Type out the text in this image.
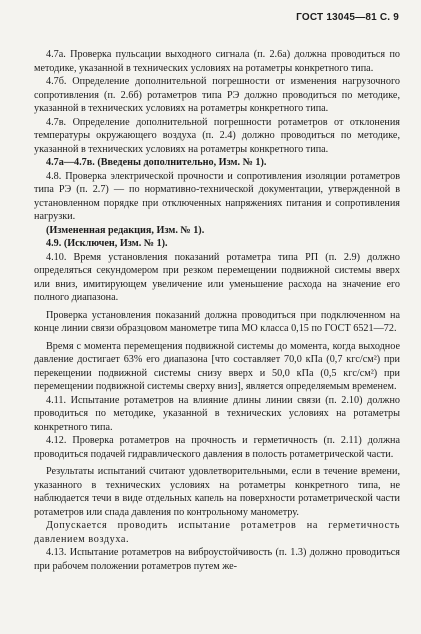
ГОСТ 13045—81 С. 9

4.7а. Проверка пульсации выходного сигнала (п. 2.6а) должна проводиться по методике, указанной в технических условиях на ротаметры конкретного типа.

4.7б. Определение дополнительной погрешности от изменения нагрузочного сопротивления (п. 2.6б) ротаметров типа РЭ должно проводиться по методике, указанной в технических условиях на ротаметры конкретного типа.

4.7в. Определение дополнительной погрешности ротаметров от отклонения температуры окружающего воздуха (п. 2.4) должно проводиться по методике, указанной в технических условиях на ротаметры конкретного типа.

4.7а—4.7в. (Введены дополнительно, Изм. № 1).

4.8. Проверка электрической прочности и сопротивления изоляции ротаметров типа РЭ (п. 2.7) — по нормативно-технической документации, утвержденной в установленном порядке при отключенных напряжениях питания и сопротивления нагрузки.

(Измененная редакция, Изм. № 1).

4.9. (Исключен, Изм. № 1).

4.10. Время установления показаний ротаметра типа РП (п. 2.9) должно определяться секундомером при резком перемещении подвижной системы вверх или вниз, имитирующем увеличение или уменьшение расхода на значение его полного диапазона.

Проверка установления показаний должна проводиться при подключенном на конце линии связи образцовом манометре типа МО класса 0,15 по ГОСТ 6521—72.

Время с момента перемещения подвижной системы до момента, когда выходное давление достигает 63% его диапазона [что составляет 70,0 кПа (0,7 кгс/см²) при перекещении подвижной системы снизу вверх и 50,0 кПа (0,5 кгс/см²) при перемещении подвижной системы сверху вниз], является определяемым временем.

4.11. Испытание ротаметров на влияние длины линии связи (п. 2.10) должно проводиться по методике, указанной в технических условиях на ротаметры конкретного типа.

4.12. Проверка ротаметров на прочность и герметичность (п. 2.11) должна проводиться подачей гидравлического давления в полость ротаметрической части.

Результаты испытаний считают удовлетворительными, если в течение времени, указанного в технических условиях на ротаметры конкретного типа, не наблюдается течи в виде отдельных капель на поверхности ротаметрической части ротаметров или спада давления по контрольному манометру.

Допускается проводить испытание ротаметров на герметичность давлением воздуха.

4.13. Испытание ротаметров на виброустойчивость (п. 1.3) должно проводиться при рабочем положении ротаметров путем же-
